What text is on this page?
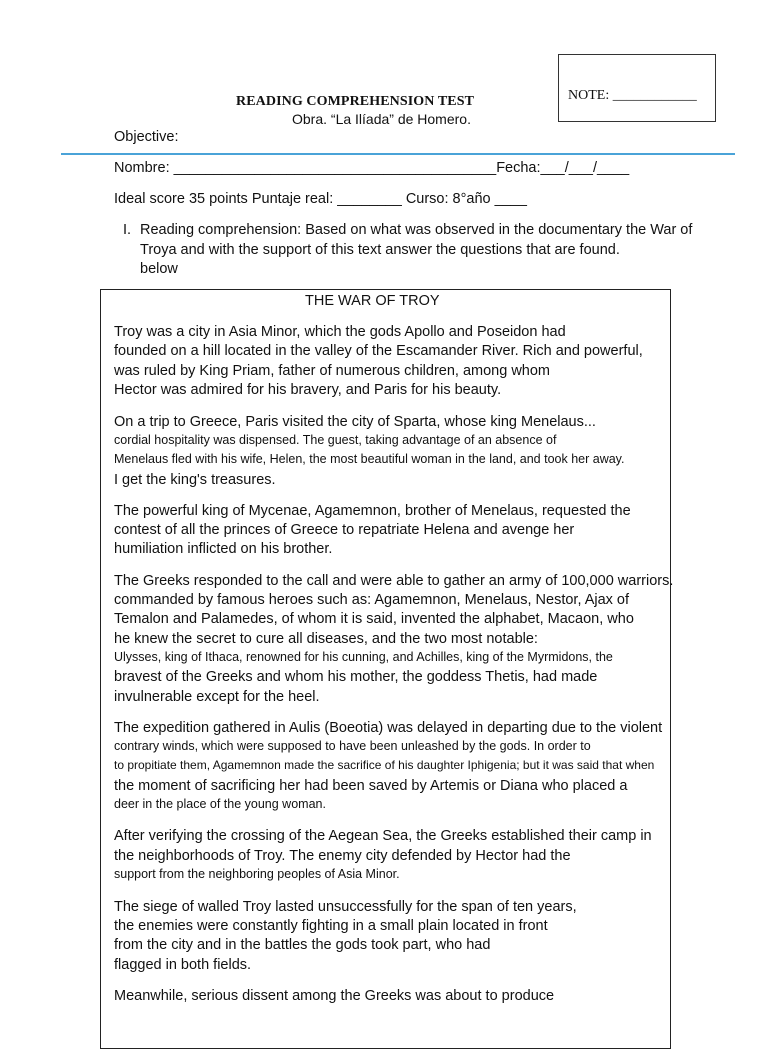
NOTE: ____________
READING COMPREHENSION TEST
Obra. “La Ilíada” de Homero.
Objective:
Nombre: ________________________________________Fecha:___/___/____
Ideal score 35 points Puntaje real: ________ Curso: 8°año ____
I. Reading comprehension: Based on what was observed in the documentary the War of
Troya and with the support of this text answer the questions that are found.
below
THE WAR OF TROY
Troy was a city in Asia Minor, which the gods Apollo and Poseidon had
founded on a hill located in the valley of the Escamander River. Rich and powerful,
was ruled by King Priam, father of numerous children, among whom
Hector was admired for his bravery, and Paris for his beauty.
On a trip to Greece, Paris visited the city of Sparta, whose king Menelaus...
cordial hospitality was dispensed. The guest, taking advantage of an absence of
Menelaus fled with his wife, Helen, the most beautiful woman in the land, and took her away.
I get the king's treasures.
The powerful king of Mycenae, Agamemnon, brother of Menelaus, requested the
contest of all the princes of Greece to repatriate Helena and avenge her
humiliation inflicted on his brother.
The Greeks responded to the call and were able to gather an army of 100,000 warriors.
commanded by famous heroes such as: Agamemnon, Menelaus, Nestor, Ajax of
Temalon and Palamedes, of whom it is said, invented the alphabet, Macaon, who
he knew the secret to cure all diseases, and the two most notable:
Ulysses, king of Ithaca, renowned for his cunning, and Achilles, king of the Myrmidons, the
bravest of the Greeks and whom his mother, the goddess Thetis, had made
invulnerable except for the heel.
The expedition gathered in Aulis (Boeotia) was delayed in departing due to the violent
contrary winds, which were supposed to have been unleashed by the gods. In order to
to propitiate them, Agamemnon made the sacrifice of his daughter Iphigenia; but it was said that when
the moment of sacrificing her had been saved by Artemis or Diana who placed a
deer in the place of the young woman.
After verifying the crossing of the Aegean Sea, the Greeks established their camp in
the neighborhoods of Troy. The enemy city defended by Hector had the
support from the neighboring peoples of Asia Minor.
The siege of walled Troy lasted unsuccessfully for the span of ten years,
the enemies were constantly fighting in a small plain located in front
from the city and in the battles the gods took part, who had
flagged in both fields.
Meanwhile, serious dissent among the Greeks was about to produce
